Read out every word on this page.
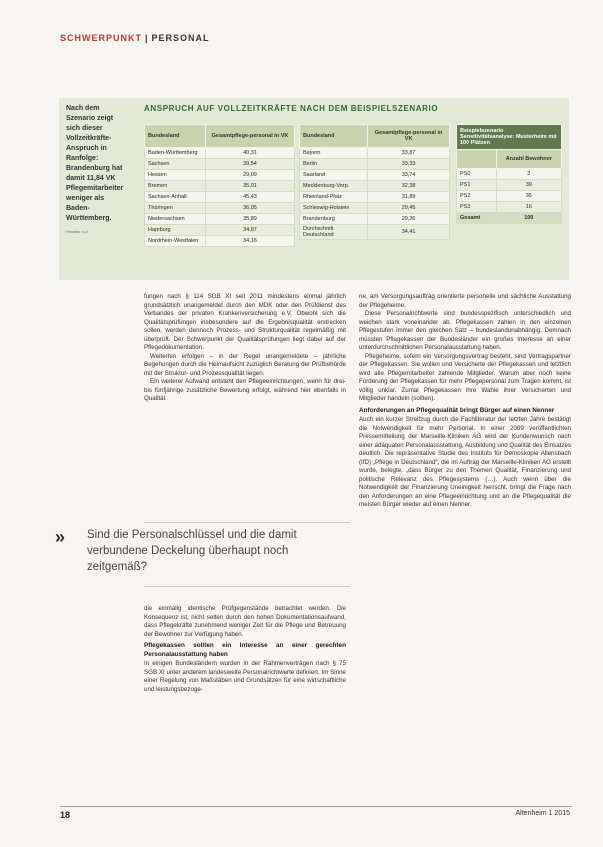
SCHWERPUNKT | PERSONAL
Nach dem Szenario zeigt sich dieser Vollzeitkräfte-Anspruch in Ranfolge: Brandenburg hat damit 11,84 VK Pflegemitarbeiter weniger als Baden-Württemberg.
Hinweis: s.d.
ANSPRUCH AUF VOLLZEITKRÄFTE NACH DEM BEISPIELSZENARIO
Bundesland	Gesamtpflege-personal in VK
Baden-Württemberg	40,31
Sachsen	39,54
Hessen	29,09
Bremen	35,01
Sachsen-Anhalt	45,43
Thüringen	36,05
Niedersachsen	35,89
Hamburg	34,87
Nordrhein-Westfalen	34,16
Bundesland	Gesamtpflege-personal in VK
Bayern	33,87
Berlin	33,33
Saarland	33,74
Mecklenburg-Vorp.	32,38
Rheinland-Pfalz	31,89
Schleswig-Holstein	29,45
Brandenburg	29,26
Durchschnitt Deutschland	34,41
Beispielszenario Sensitivitätsanalyse: Musterheim mit 100 Plätzen	
	Anzahl Bewohner
PS0	3
PS1	39
PS2	35
PS3	16
Gesamt	100

fungen nach § 114 SGB XI seit 2011 mindestens einmal jährlich grundsätzlich unangemeldet durch den MDK oder den Prüfdienst des Verbandes der privaten Krankenversicherung e.V. Obwohl sich die Qualitätsprüfungen insbesondere auf die Ergebnisqualität erstrecken sollen, werden dennoch Prozess- und Strukturqualität regelmäßig mit überprüft. Der Schwerpunkt der Qualitätsprüfungen liegt dabei auf der Pflegedokumentation.

Weiterhin erfolgen – in der Regel unangemeldete – jährliche Begehungen durch die Heimaufsicht zuzüglich Beratung der Prüfbehörde mit der Struktur- und Prozessqualität liegen.

Ein weiterer Aufwand entsteht den Pflegeeinrichtungen, wenn für drei- bis fünfjährige zusätzliche Bewertung erfolgt, während hier ebenfalls in Qualität

» Sind die Personalschlüssel und die damit verbundene Deckelung überhaupt noch zeitgemäß?

die einmalig identische Prüfgegenstände betrachtet werden. Die Konsequenz ist, nicht selten durch den hohen Dokumentationsaufwand, dass Pflegekräfte zunehmend weniger Zeit für die Pflege und Betreuung der Bewohner zur Verfügung haben.

Pflegekassen sollten ein Interesse an einer gerechten Personalausstattung haben

In einigen Bundesländern wurden in der Rahmenverträgen nach § 75 SGB XI unter anderem landesweite Personalrichtwerte definiert. Im Sinne einer Regelung von Maßstäben und Grundsätzen für eine wirtschaftliche und leistungsbezoge-

ne, am Versorgungsauftrag orientierte personelle und sächliche Ausstattung der Pflegeheime.

Diese Personalrichtwerte sind bundesspezifisch unterschiedlich und weichen stark voneinander ab. Pflegekassen zahlen in den einzelnen Pflegestufen immer den gleichen Satz – bundeslandunabhängig. Demnach müssten Pflegekassen der Bundesländer ein großes Interesse an einer unterdurchschnittlichen Personalausstattung haben.

Pflegeheime, sofern ein Versorgungsvertrag besteht, sind Vertragspartner der Pflegekassen. Sie wollen und Versicherte der Pflegekassen und letztlich wird alle Pflegemitarbeiter zahlende Mitglieder. Warum aber noch keine Forderung der Pflegekassen für mehr Pflegepersonal zum Tragen kommt, ist völlig unklar. Zumal Pflegekassen ihre Wahle ihrer Versicherten und Mitglieder handeln (sollten).

Anforderungen an Pflegequalität bringt Bürger auf einen Nenner

Auch ein kurzer Streifzug durch die Fachliteratur der letzten Jahre bestätigt die Notwendigkeit für mehr Personal. In einer 2009 veröffentlichten Pressemitteilung der Marseille-Kliniken AG wird der Kundenwunsch nach einer adäquaten Personalausstattung, Ausbildung und Qualität des Einsatzes deutlich. Die repräsentative Studie des Instituts für Demoskopie Allensbach (IfD) „Pflege in Deutschland“, die im Auftrag der Marseille-Kliniken AG erstellt wurde, belegte, „dass Bürger zu den Themen Qualität, Finanzierung und politische Relevanz des Pflegesystems (…). Auch wenn über die Notwendigkeit der Finanzierung Uneinigkeit herrscht, bringt die Frage nach den Anforderungen an eine Pflegeeinrichtung und an die Pflegequalität die meisten Bürger wieder auf einen Nenner.

18	Altenheim 1 2015
